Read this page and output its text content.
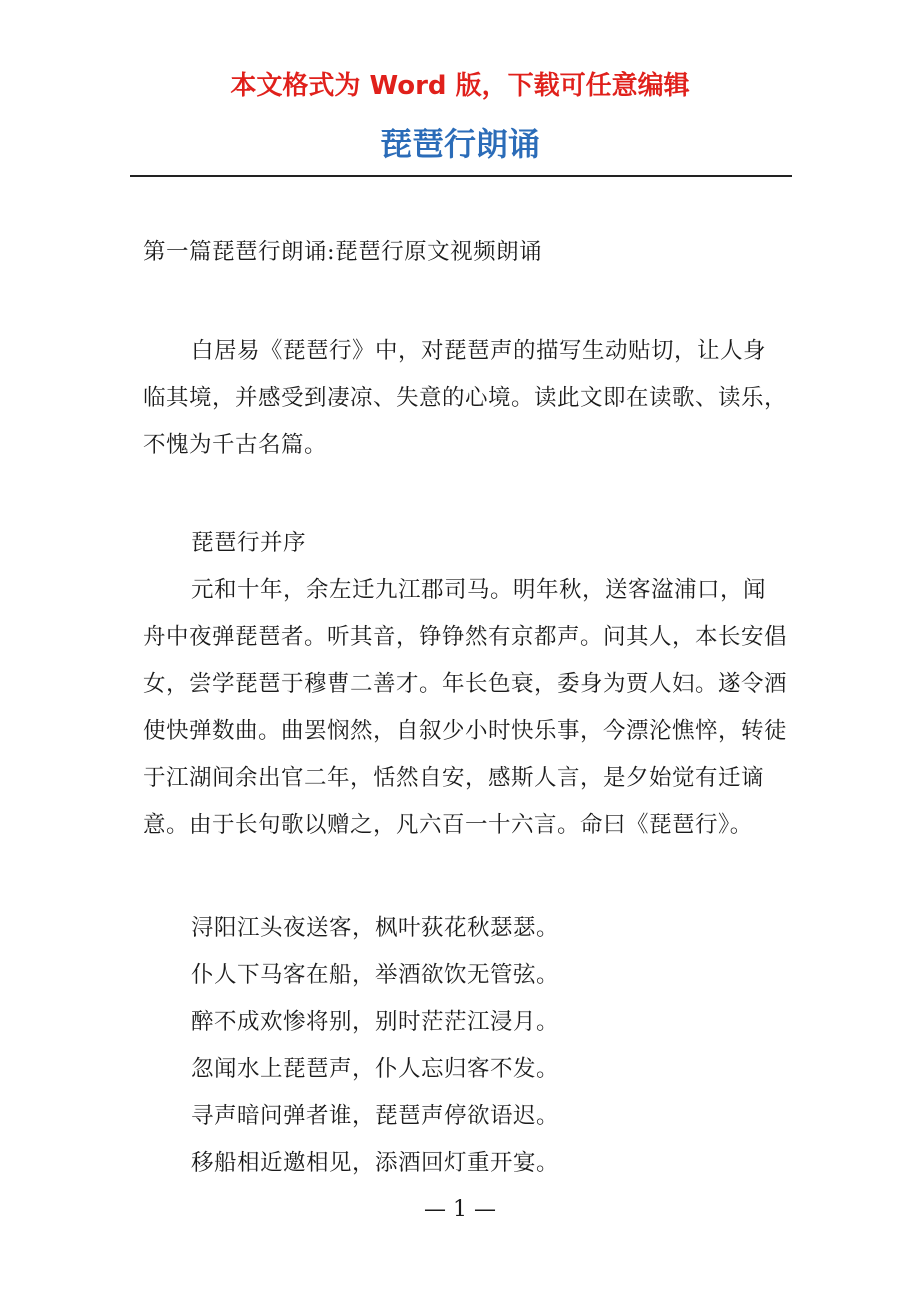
本文格式为 Word 版，下载可任意编辑
琵琶行朗诵
第一篇琵琶行朗诵:琵琶行原文视频朗诵

白居易《琵琶行》中，对琵琶声的描写生动贴切，让人身临其境，并感受到凄凉、失意的心境。读此文即在读歌、读乐，不愧为千古名篇。

琵琶行并序

元和十年，余左迁九江郡司马。明年秋，送客湓浦口，闻舟中夜弹琵琶者。听其音，铮铮然有京都声。问其人，本长安倡女，尝学琵琶于穆曹二善才。年长色衰，委身为贾人妇。遂令酒使快弹数曲。曲罢悯然，自叙少小时快乐事，今漂沦憔悴，转徒于江湖间余出官二年，恬然自安，感斯人言，是夕始觉有迁谪意。由于长句歌以赠之，凡六百一十六言。命曰《琵琶行》。

浔阳江头夜送客，枫叶荻花秋瑟瑟。
仆人下马客在船，举酒欲饮无管弦。
醉不成欢惨将别，别时茫茫江浸月。
忽闻水上琵琶声，仆人忘归客不发。
寻声暗问弹者谁，琵琶声停欲语迟。
移船相近邀相见，添酒回灯重开宴。
— 1 —
